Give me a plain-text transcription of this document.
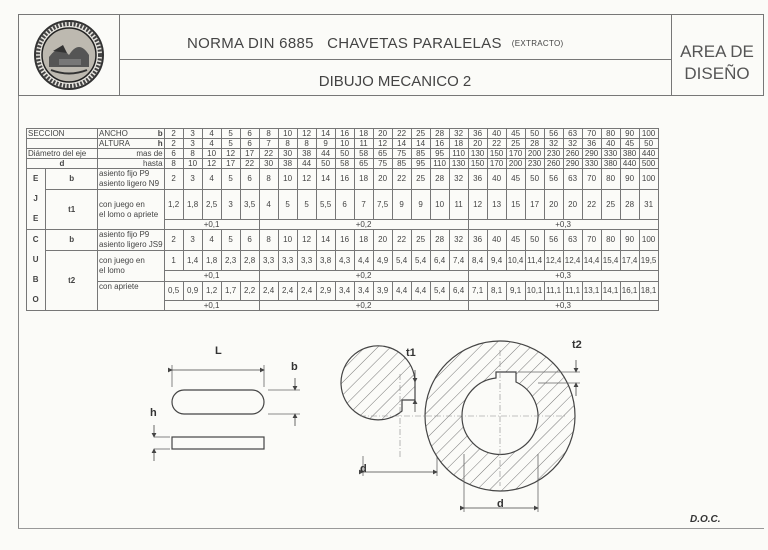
NORMA DIN 6885   CHAVETAS PARALELAS (EXTRACTO)
DIBUJO MECANICO 2
AREA DE
DISEÑO
SECCION		ANCHO b	2	3	4	5	6	8	10	12	14	16	18	20	22	25	28	32	36	40	45	50	56	63	70	80	90	100
		ALTURA h	2	3	4	5	6	7	8	8	9	10	11	12	14	14	16	18	20	22	25	28	32	32	36	40	45	50
Diámetro del eje		mas de	6	8	10	12	17	22	30	38	44	50	58	65	75	85	95	110	130	150	170	200	230	260	290	330	380	440
d		hasta	8	10	12	17	22	30	38	44	50	58	65	75	85	95	110	130	150	170	200	230	260	290	330	380	440	500
E
J
E	b	asiento fijo P9
asiento ligero N9	2	3	4	5	6	8	10	12	14	16	18	20	22	25	28	32	36	40	45	50	56	63	70	80	90	100
	t1	con juego en
el lomo o apriete	1,2	1,8	2,5	3	3,5	4	5	5	5,5	6	7	7,5	9	9	10	11	12	13	15	17	20	20	22	25	28	31
			+0,1					+0,2											+0,3									
C
U
B
O	b	asiento fijo P9
asiento ligero JS9	2	3	4	5	6	8	10	12	14	16	18	20	22	25	28	32	36	40	45	50	56	63	70	80	90	100
	t2	con juego en
el lomo	1	1,4	1,8	2,3	2,8	3,3	3,3	3,3	3,8	4,3	4,4	4,9	5,4	5,4	6,4	7,4	8,4	9,4	10,4	11,4	12,4	12,4	14,4	15,4	17,4	19,5
			+0,1					+0,2											+0,3									
		con apriete	0,5	0,9	1,2	1,7	2,2	2,4	2,4	2,4	2,9	3,4	3,4	3,9	4,4	4,4	5,4	6,4	7,1	8,1	9,1	10,1	11,1	11,1	13,1	14,1	16,1	18,1
			+0,1					+0,2											+0,3									
L
b
h
t1
d
t2
d
D.O.C.
